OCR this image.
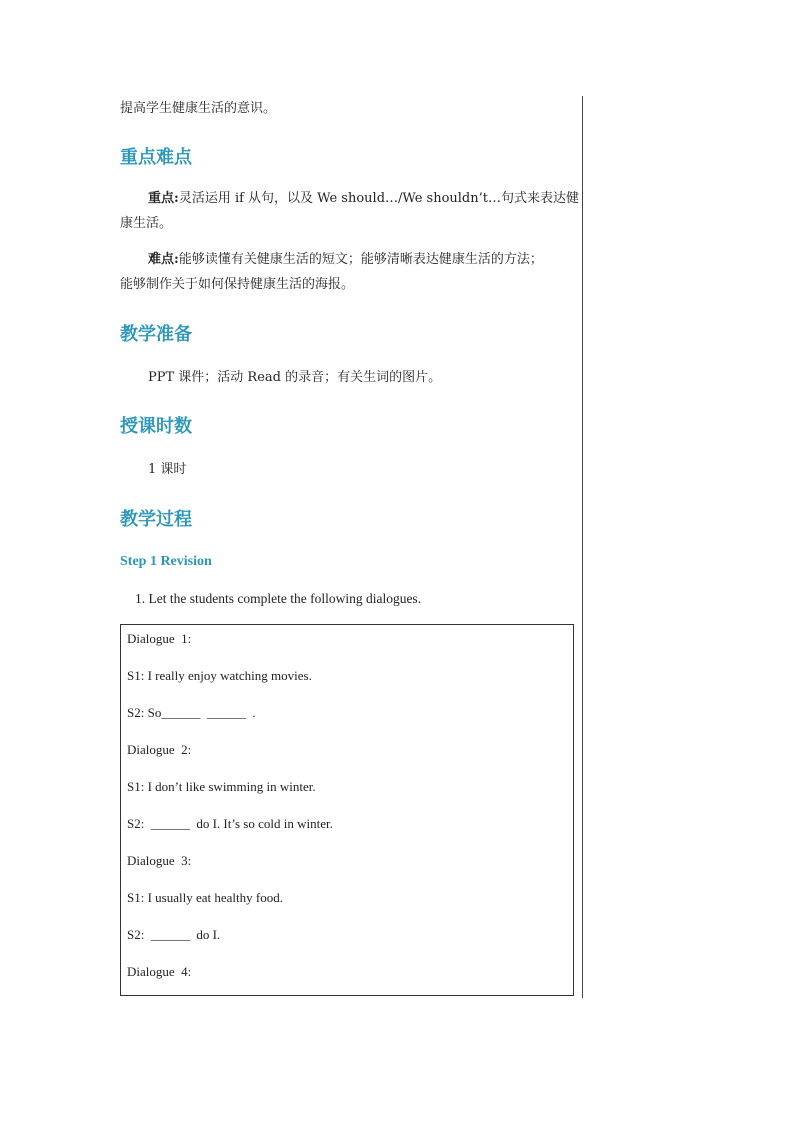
提高学生健康生活的意识。
重点难点
重点:灵活运用 if 从句，以及 We should…/We shouldn’t…句式来表达健
康生活。
难点:能够读懂有关健康生活的短文；能够清晰表达健康生活的方法；
能够制作关于如何保持健康生活的海报。
教学准备
PPT 课件；活动 Read 的录音；有关生词的图片。
授课时数
1 课时
教学过程
Step 1 Revision
1. Let the students complete the following dialogues.
Dialogue  1:
S1: I really enjoy watching movies.
S2: So______  ______  .
Dialogue  2:
S1: I don’t like swimming in winter.
S2:  ______  do I. It’s so cold in winter.
Dialogue  3:
S1: I usually eat healthy food.
S2:  ______  do I.
Dialogue  4:
